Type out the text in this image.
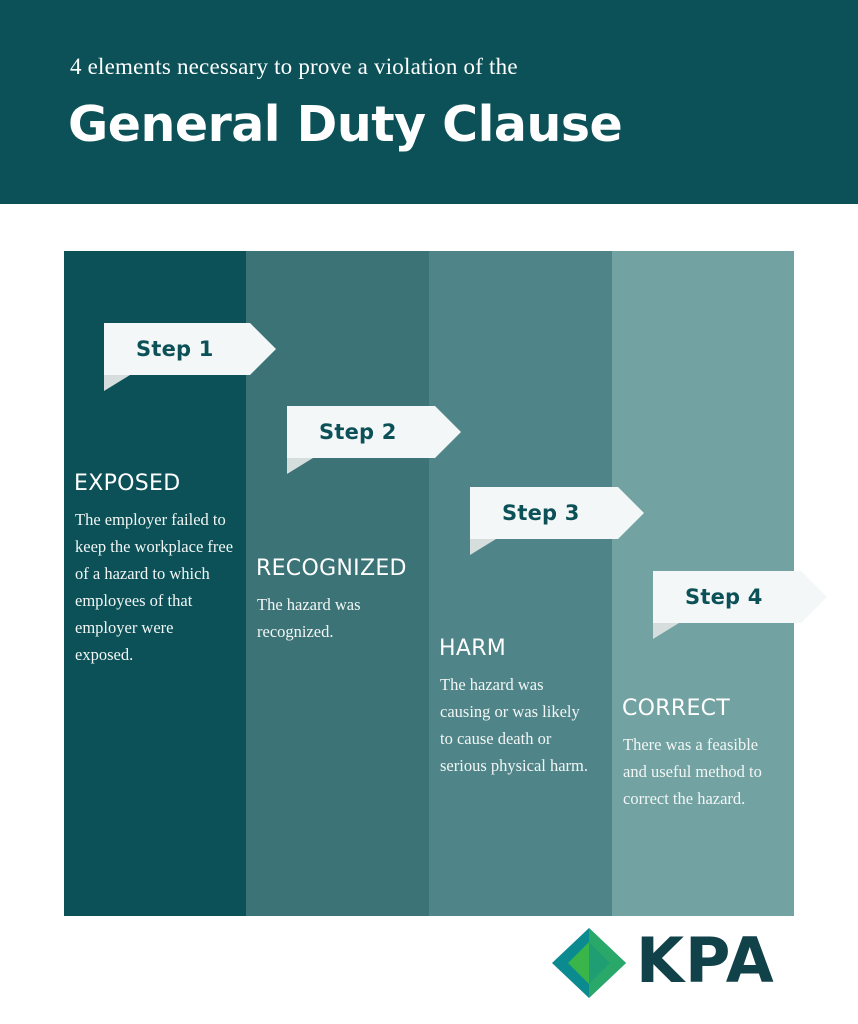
4 elements necessary to prove a violation of the
General Duty Clause
EXPOSED
The employer failed to keep the workplace free of a hazard to which employees of that employer were exposed.
RECOGNIZED
The hazard was recognized.
HARM
The hazard was causing or was likely to cause death or serious physical harm.
CORRECT
There was a feasible and useful method to correct the hazard.
Step 1
Step 2
Step 3
Step 4
KPA
